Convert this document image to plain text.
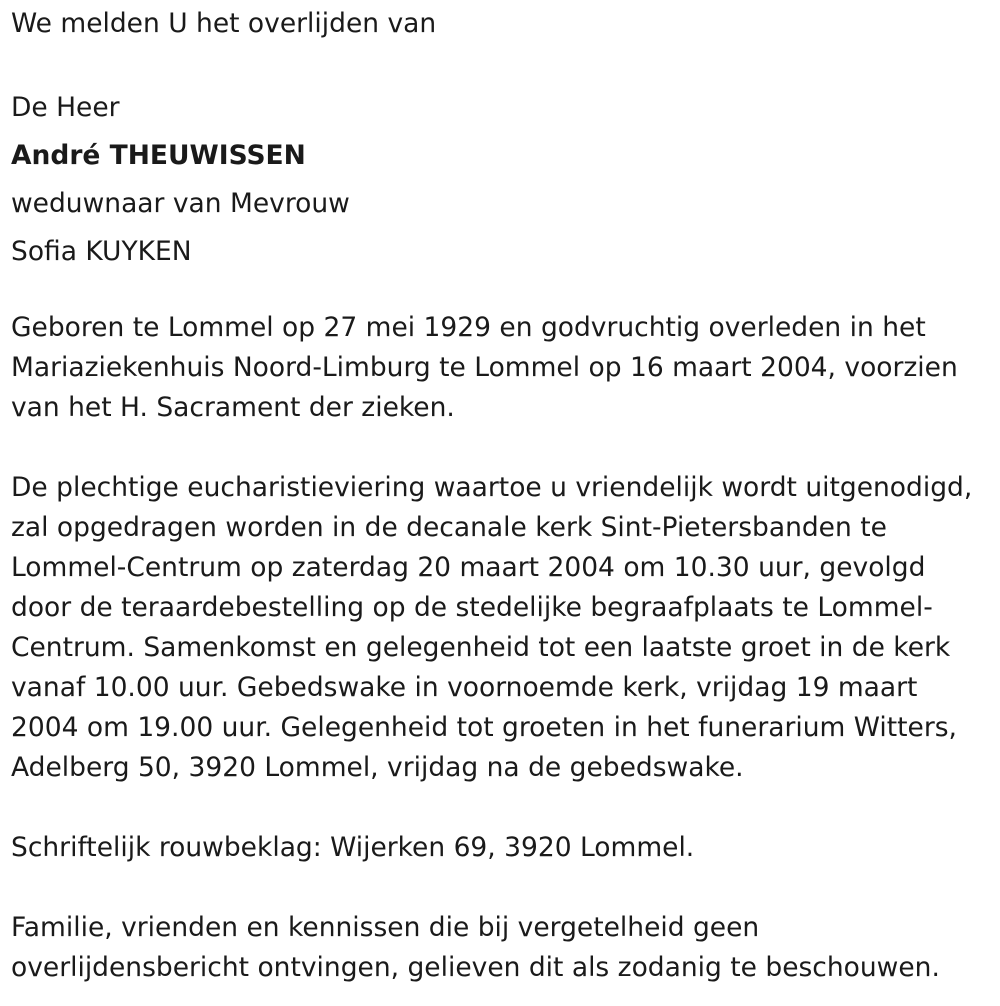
We melden U het overlijden van

De Heer

André THEUWISSEN

weduwnaar van Mevrouw

Sofia KUYKEN

Geboren te Lommel op 27 mei 1929 en godvruchtig overleden in het Mariaziekenhuis Noord-Limburg te Lommel op 16 maart 2004, voorzien van het H. Sacrament der zieken.

De plechtige eucharistieviering waartoe u vriendelijk wordt uitgenodigd, zal opgedragen worden in de decanale kerk Sint-Pietersbanden te Lommel-Centrum op zaterdag 20 maart 2004 om 10.30 uur, gevolgd door de teraardebestelling op de stedelijke begraafplaats te Lommel-Centrum. Samenkomst en gelegenheid tot een laatste groet in de kerk vanaf 10.00 uur. Gebedswake in voornoemde kerk, vrijdag 19 maart 2004 om 19.00 uur. Gelegenheid tot groeten in het funerarium Witters, Adelberg 50, 3920 Lommel, vrijdag na de gebedswake.

Schriftelijk rouwbeklag: Wijerken 69, 3920 Lommel.

Familie, vrienden en kennissen die bij vergetelheid geen overlijdensbericht ontvingen, gelieven dit als zodanig te beschouwen.
